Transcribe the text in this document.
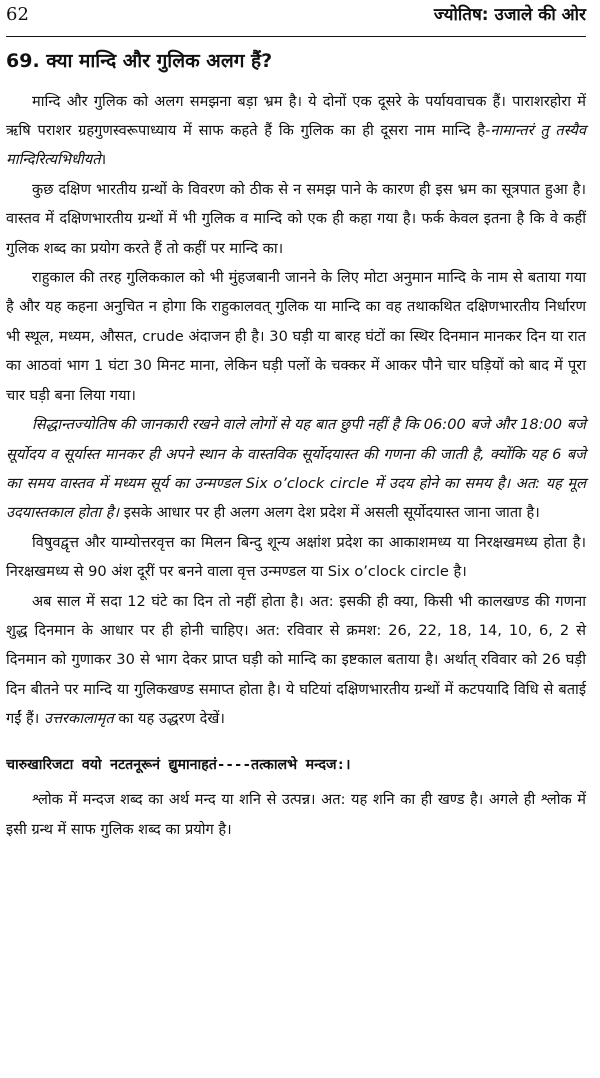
62	ज्योतिष: उजाले की ओर
69. क्या मान्दि और गुलिक अलग हैं?

मान्दि और गुलिक को अलग समझना बड़ा भ्रम है। ये दोनों एक दूसरे के पर्यायवाचक हैं। पाराशरहोरा में ऋषि पराशर ग्रहगुणस्वरूपाध्याय में साफ कहते हैं कि गुलिक का ही दूसरा नाम मान्दि है-नामान्तरं तु तस्यैव मान्दिरित्यभिधीयते।

कुछ दक्षिण भारतीय ग्रन्थों के विवरण को ठीक से न समझ पाने के कारण ही इस भ्रम का सूत्रपात हुआ है। वास्तव में दक्षिणभारतीय ग्रन्थों में भी गुलिक व मान्दि को एक ही कहा गया है। फर्क केवल इतना है कि वे कहीं गुलिक शब्द का प्रयोग करते हैं तो कहीं पर मान्दि का।

राहुकाल की तरह गुलिककाल को भी मुंहजबानी जानने के लिए मोटा अनुमान मान्दि के नाम से बताया गया है और यह कहना अनुचित न होगा कि राहुकालवत् गुलिक या मान्दि का वह तथाकथित दक्षिणभारतीय निर्धारण भी स्थूल, मध्यम, औसत, crude अंदाजन ही है। 30 घड़ी या बारह घंटों का स्थिर दिनमान मानकर दिन या रात का आठवां भाग 1 घंटा 30 मिनट माना, लेकिन घड़ी पलों के चक्कर में आकर पौने चार घड़ियों को बाद में पूरा चार घड़ी बना लिया गया।

सिद्धान्तज्योतिष की जानकारी रखने वाले लोगों से यह बात छुपी नहीं है कि 06:00 बजे और 18:00 बजे सूर्योदय व सूर्यास्त मानकर ही अपने स्थान के वास्तविक सूर्योदयास्त की गणना की जाती है, क्योंकि यह 6 बजे का समय वास्तव में मध्यम सूर्य का उन्मण्डल Six o’clock circle में उदय होने का समय है। अत: यह मूल उदयास्तकाल होता है। इसके आधार पर ही अलग अलग देश प्रदेश में असली सूर्योदयास्त जाना जाता है।

विषुवद्वृत्त और याम्योत्तरवृत्त का मिलन बिन्दु शून्य अक्षांश प्रदेश का आकाशमध्य या निरक्षखमध्य होता है।निरक्षखमध्य से 90 अंश दूरीं पर बनने वाला वृत्त उन्मण्डल या Six o’clock circle है।

अब साल में सदा 12 घंटे का दिन तो नहीं होता है। अत: इसकी ही क्या, किसी भी कालखण्ड की गणना शुद्ध दिनमान के आधार पर ही होनी चाहिए। अत: रविवार से क्रमश: 26, 22, 18, 14, 10, 6, 2 से दिनमान को गुणाकर 30 से भाग देकर प्राप्त घड़ी को मान्दि का इष्टकाल बताया है। अर्थात् रविवार को 26 घड़ी दिन बीतने पर मान्दि या गुलिकखण्ड समाप्त होता है। ये घटियां दक्षिणभारतीय ग्रन्थों में कटपयादि विधि से बताई गईं हैं। उत्तरकालामृत का यह उद्धरण देखें।

चारुखारिजटा वयो नटतनूरूनं द्युमानाहतं----तत्कालभे मन्दज:।

श्लोक में मन्दज शब्द का अर्थ मन्द या शनि से उत्पन्न। अत: यह शनि का ही खण्ड है। अगले ही श्लोक में इसी ग्रन्थ में साफ गुलिक शब्द का प्रयोग है।
